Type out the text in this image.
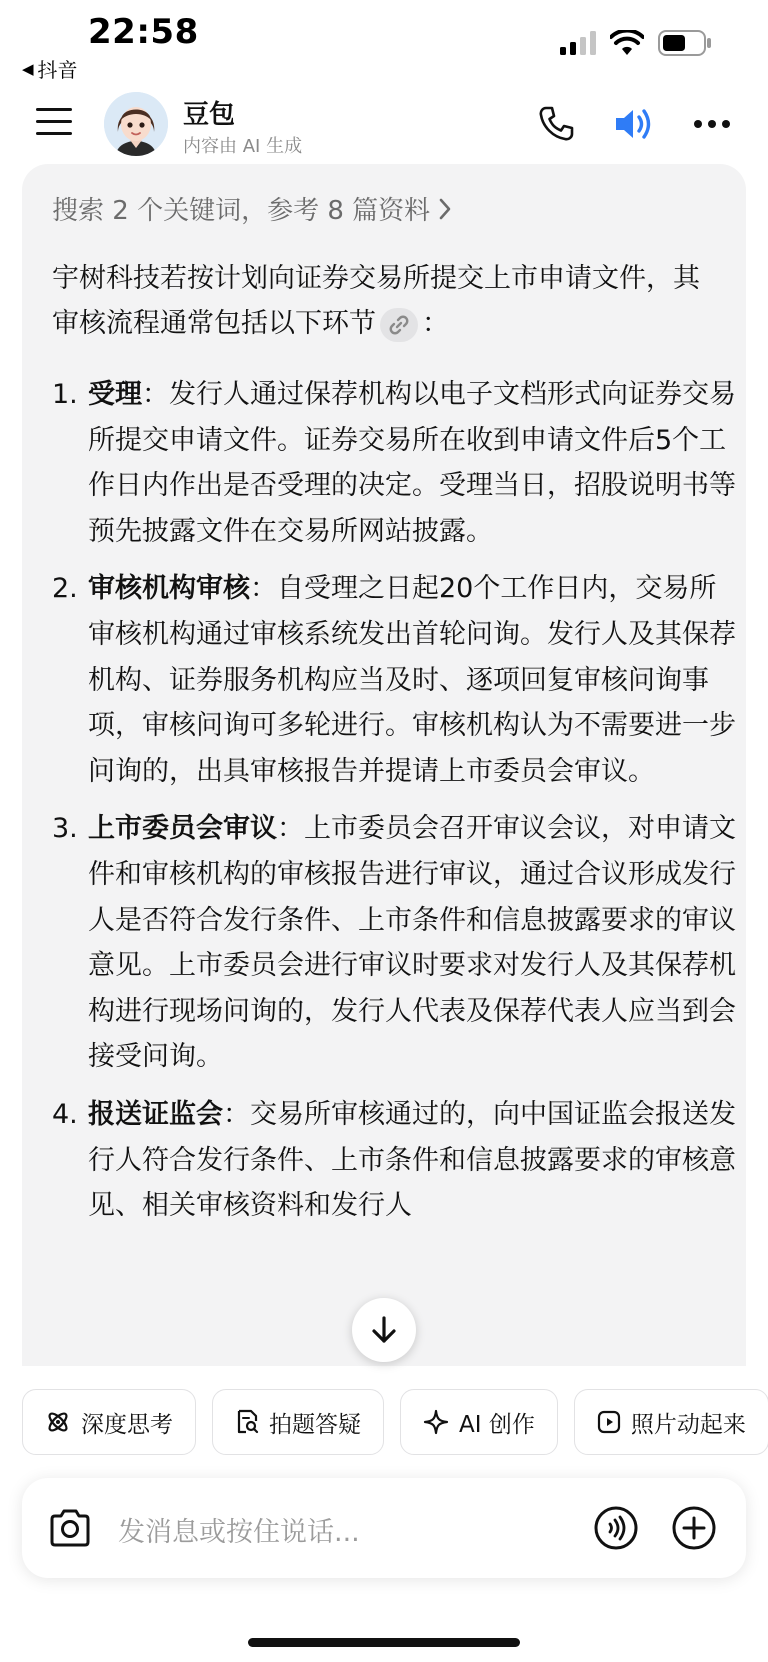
22:58
◀ 抖音
豆包
内容由 AI 生成
搜索 2 个关键词，参考 8 篇资料
宇树科技若按计划向证券交易所提交上市申请文件，其审核流程通常包括以下环节 ：
1. 受理：发行人通过保荐机构以电子文档形式向证券交易所提交申请文件。证券交易所在收到申请文件后5个工作日内作出是否受理的决定。受理当日，招股说明书等预先披露文件在交易所网站披露。
2. 审核机构审核：自受理之日起20个工作日内，交易所审核机构通过审核系统发出首轮问询。发行人及其保荐机构、证券服务机构应当及时、逐项回复审核问询事项，审核问询可多轮进行。审核机构认为不需要进一步问询的，出具审核报告并提请上市委员会审议。
3. 上市委员会审议：上市委员会召开审议会议，对申请文件和审核机构的审核报告进行审议，通过合议形成发行人是否符合发行条件、上市条件和信息披露要求的审议意见。上市委员会进行审议时要求对发行人及其保荐机构进行现场问询的，发行人代表及保荐代表人应当到会接受问询。
4. 报送证监会：交易所审核通过的，向中国证监会报送发行人符合发行条件、上市条件和信息披露要求的审核意见、相关审核资料和发行人
深度思考	拍题答疑	AI 创作	照片动起来
发消息或按住说话...
